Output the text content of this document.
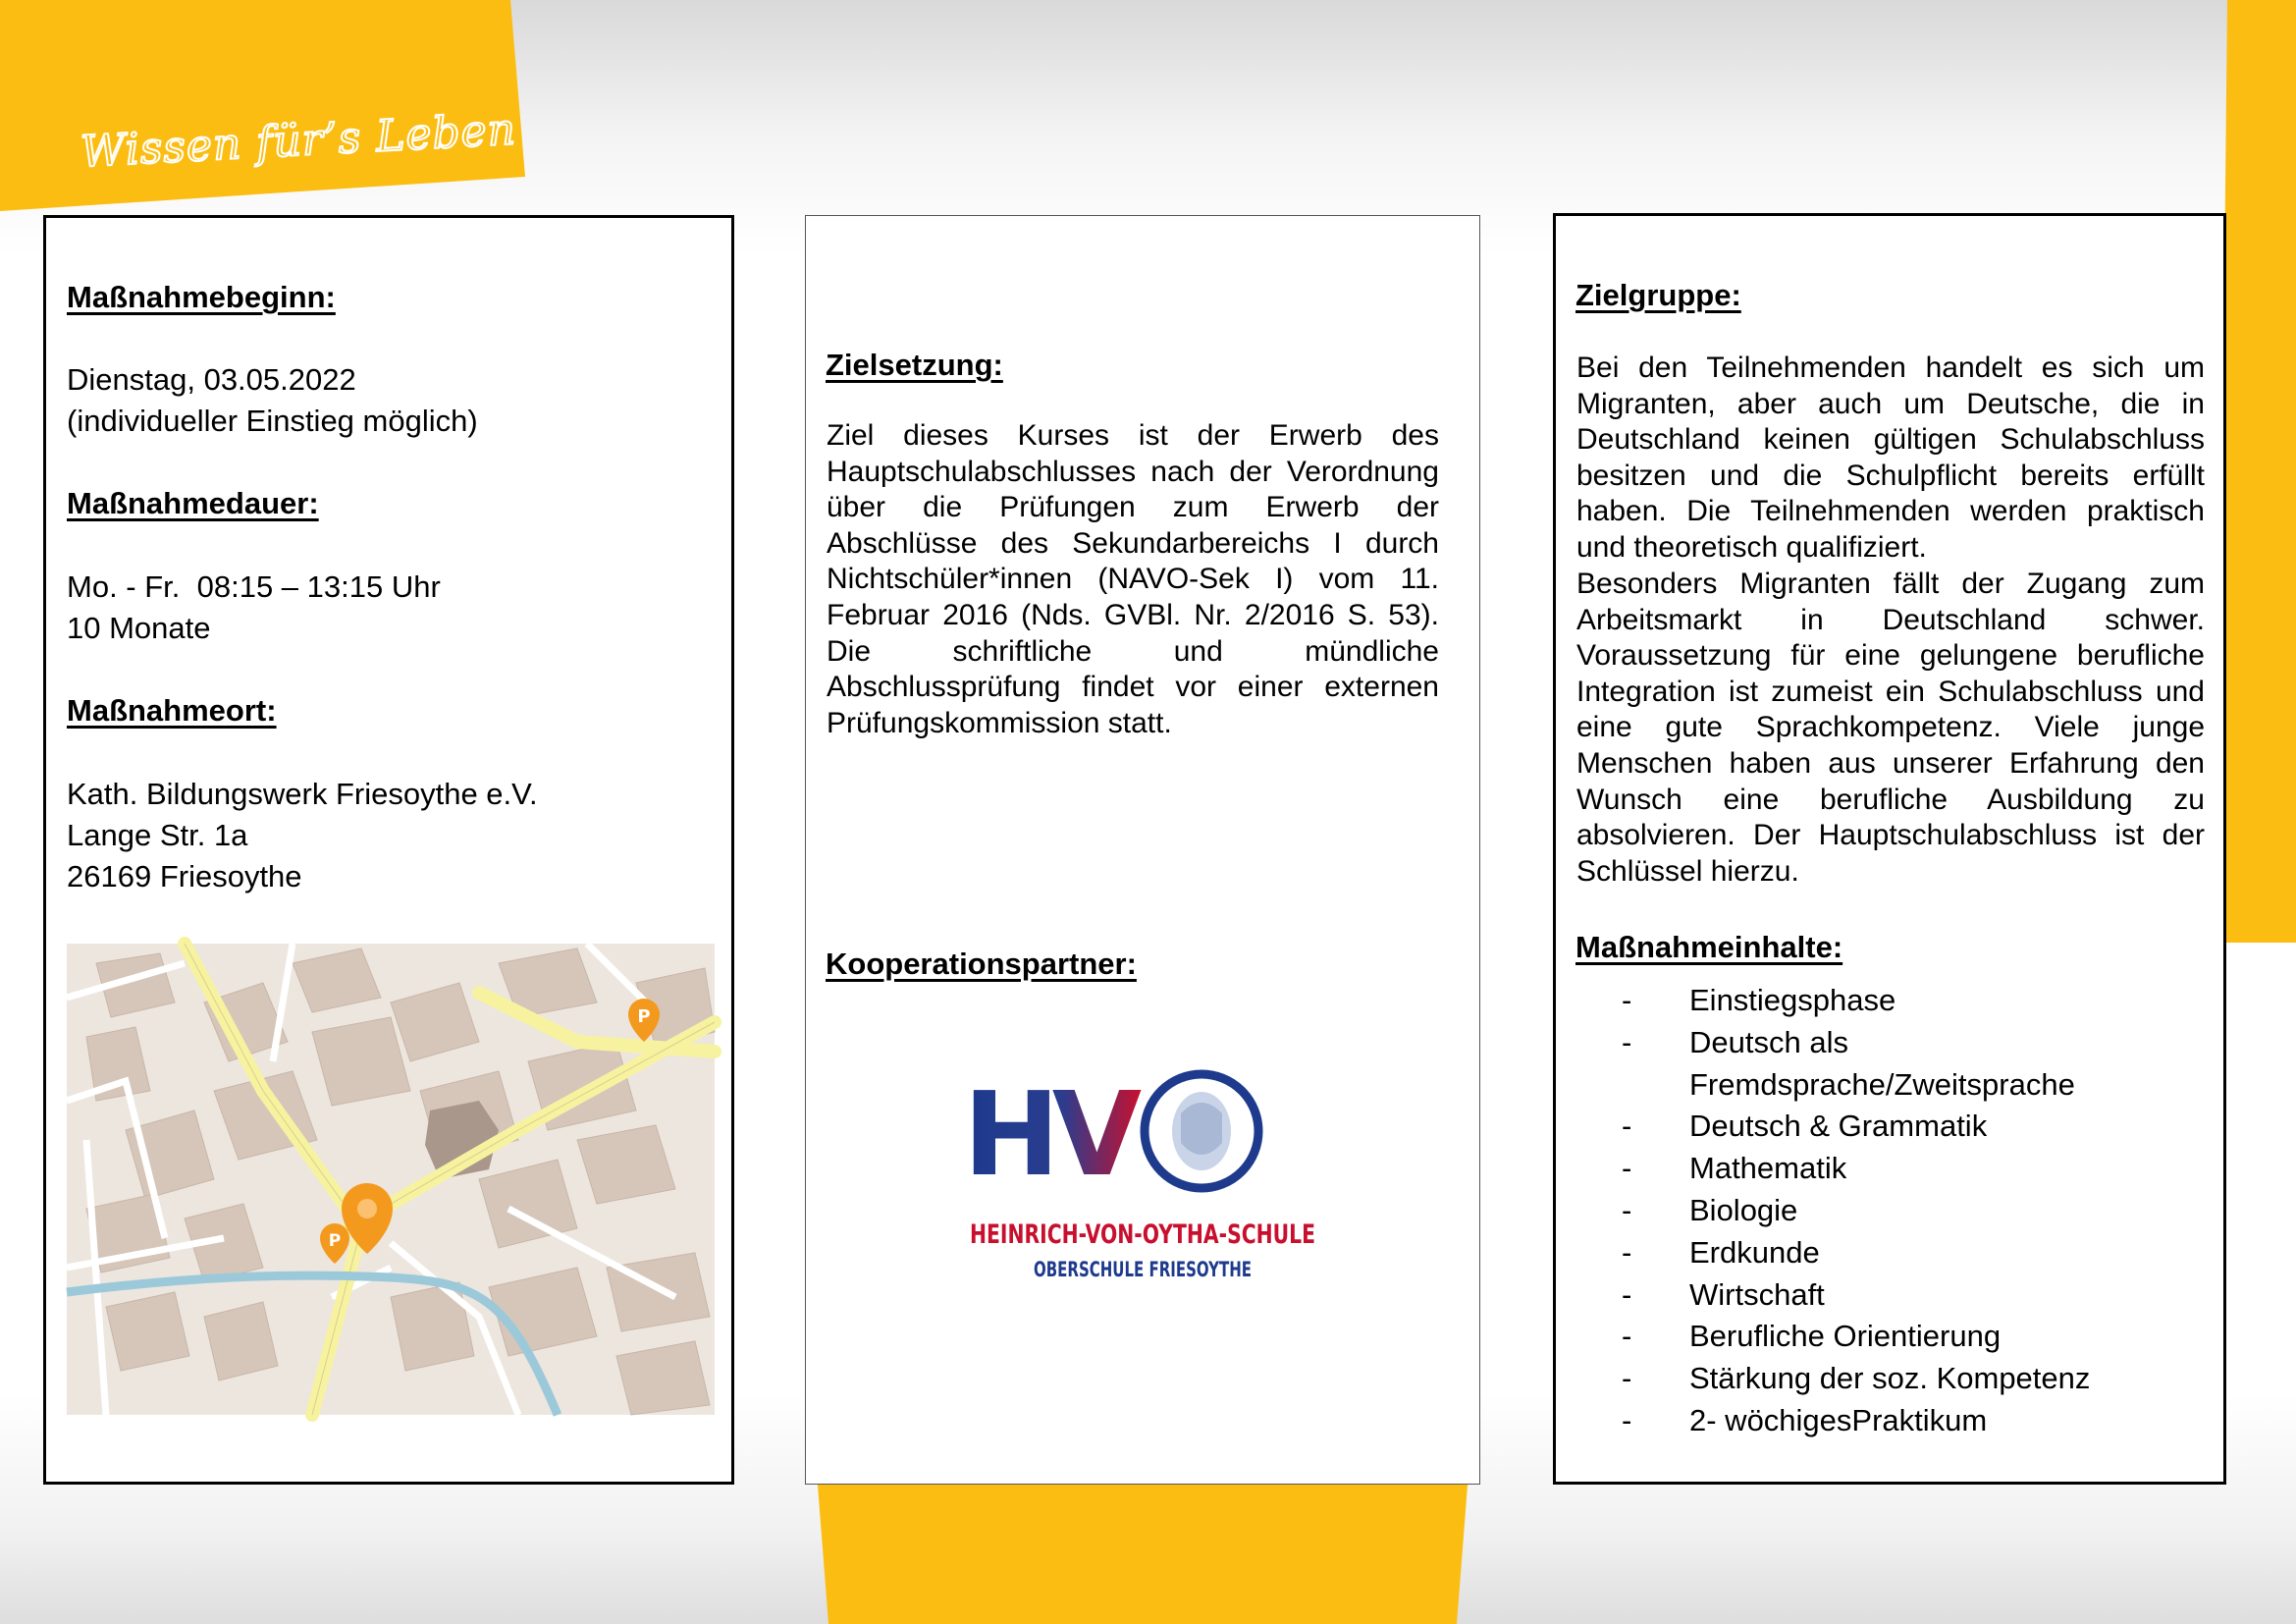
Wissen für’s Leben
Maßnahmebeginn:
Dienstag, 03.05.2022
(individueller Einstieg möglich)
Maßnahmedauer:
Mo. - Fr.  08:15 – 13:15 Uhr
10 Monate
Maßnahmeort:
Kath. Bildungswerk Friesoythe e.V.
Lange Str. 1a
26169 Friesoythe
P
P
Zielsetzung:
Ziel dieses Kurses ist der Erwerb des Hauptschulabschlusses nach der Verordnung über die Prüfungen zum Erwerb der Abschlüsse des Sekundarbereichs I durch Nichtschüler*innen (NAVO-Sek I) vom 11. Februar 2016 (Nds. GVBl. Nr. 2/2016 S. 53). Die schriftliche und mündliche Abschlussprüfung findet vor einer externen Prüfungskommission statt.
Kooperationspartner:
HV
HEINRICH-VON-OYTHA-SCHULE
OBERSCHULE FRIESOYTHE
Zielgruppe:
Bei den Teilnehmenden handelt es sich um Migranten, aber auch um Deutsche, die in Deutschland keinen gültigen Schulabschluss besitzen und die Schulpflicht bereits erfüllt haben. Die Teilnehmenden werden praktisch und theoretisch qualifiziert.
Besonders Migranten fällt der Zugang zum Arbeitsmarkt in Deutschland schwer. Voraussetzung für eine gelungene berufliche Integration ist zumeist ein Schulabschluss und eine gute Sprachkompetenz. Viele junge Menschen haben aus unserer Erfahrung den Wunsch eine berufliche Ausbildung zu absolvieren. Der Hauptschulabschluss ist der Schlüssel hierzu.
Maßnahmeinhalte:
-	Einstiegsphase
-	Deutsch als Fremdsprache/Zweitsprache
-	Deutsch & Grammatik
-	Mathematik
-	Biologie
-	Erdkunde
-	Wirtschaft
-	Berufliche Orientierung
-	Stärkung der soz. Kompetenz
-	2- wöchigesPraktikum
